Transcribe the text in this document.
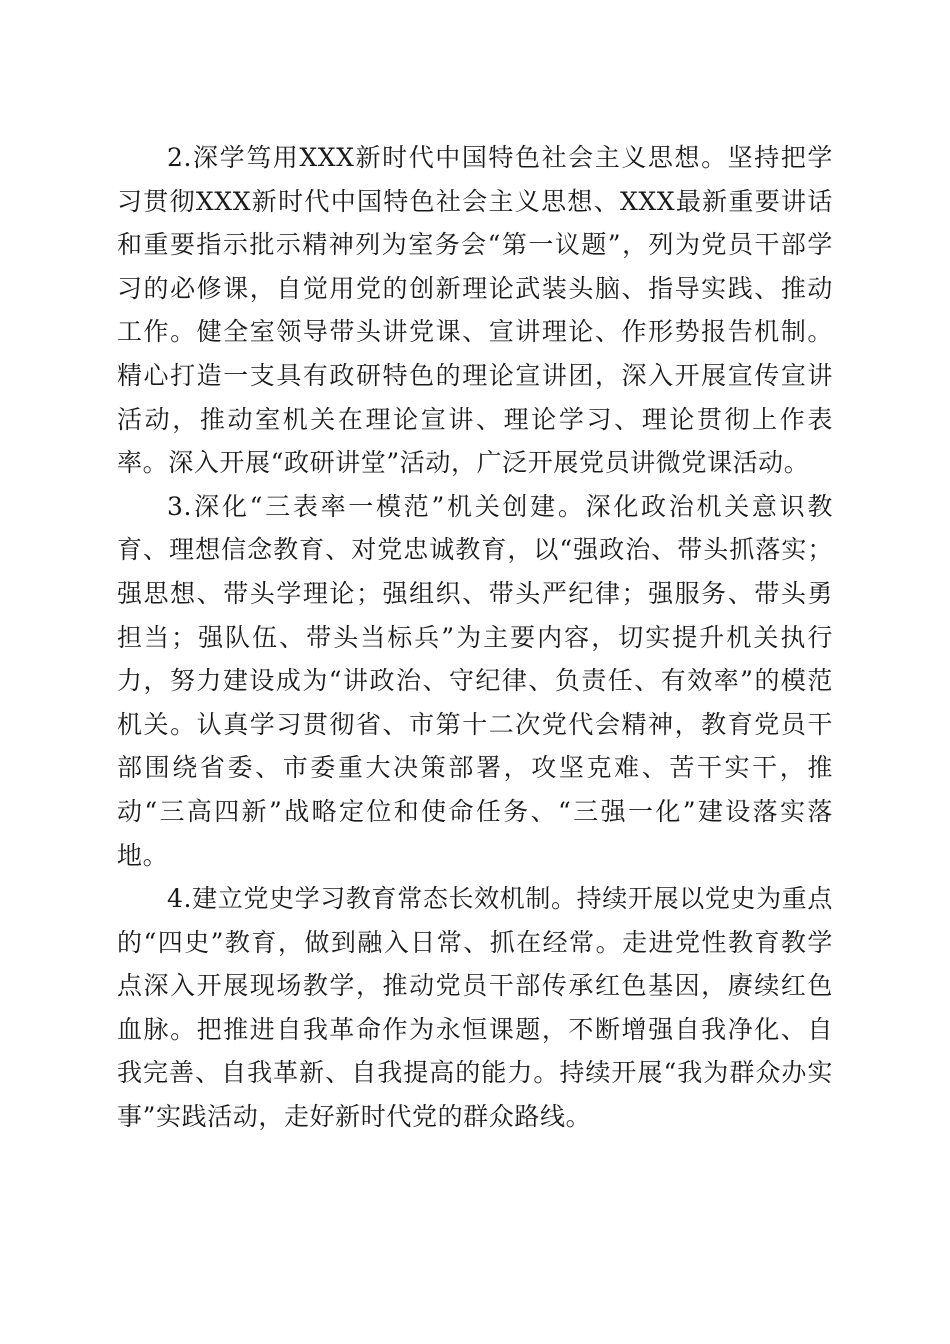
2.深学笃用XXX新时代中国特色社会主义思想。坚持把学习贯彻XXX新时代中国特色社会主义思想、XXX最新重要讲话和重要指示批示精神列为室务会“第一议题”，列为党员干部学习的必修课，自觉用党的创新理论武装头脑、指导实践、推动工作。健全室领导带头讲党课、宣讲理论、作形势报告机制。精心打造一支具有政研特色的理论宣讲团，深入开展宣传宣讲活动，推动室机关在理论宣讲、理论学习、理论贯彻上作表率。深入开展“政研讲堂”活动，广泛开展党员讲微党课活动。

3.深化“三表率一模范”机关创建。深化政治机关意识教育、理想信念教育、对党忠诚教育，以“强政治、带头抓落实；强思想、带头学理论；强组织、带头严纪律；强服务、带头勇担当；强队伍、带头当标兵”为主要内容，切实提升机关执行力，努力建设成为“讲政治、守纪律、负责任、有效率”的模范机关。认真学习贯彻省、市第十二次党代会精神，教育党员干部围绕省委、市委重大决策部署，攻坚克难、苦干实干，推动“三高四新”战略定位和使命任务、“三强一化”建设落实落地。

4.建立党史学习教育常态长效机制。持续开展以党史为重点的“四史”教育，做到融入日常、抓在经常。走进党性教育教学点深入开展现场教学，推动党员干部传承红色基因，赓续红色血脉。把推进自我革命作为永恒课题，不断增强自我净化、自我完善、自我革新、自我提高的能力。持续开展“我为群众办实事”实践活动，走好新时代党的群众路线。
